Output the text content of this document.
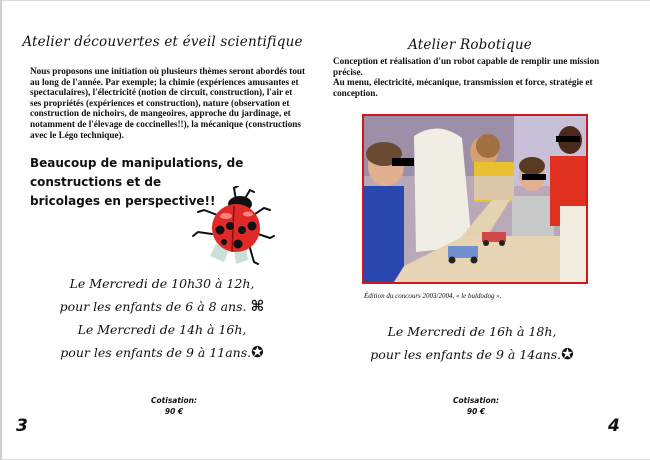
Atelier découvertes et éveil scientifique
Nous proposons une initiation où plusieurs thèmes seront abordés tout
au long de l'année. Par exemple; la chimie (expériences amusantes et
spectaculaires), l'électricité (notion de circuit, construction), l'air et
ses propriétés (expériences et construction), nature (observation et
construction de nichoirs, de mangeoires, approche du jardinage, et
notamment de l'élevage de coccinelles!!), la mécanique (constructions
avec le Légo technique).
Beaucoup de manipulations, de constructions et de
bricolages en perspective!!
Le Mercredi de 10h30 à 12h,
pour les enfants de 6 à 8 ans. ⌘
Le Mercredi de 14h à 16h,
pour les enfants de 9 à 11ans.✪
Cotisation:
90 €
3
Atelier Robotique
Conception et réalisation d'un robot capable de remplir une mission
précise.
Au menu, électricité, mécanique, transmission et force, stratégie et
conception.
Édition du concours 2003/2004, « le buldodog ».
Le Mercredi de 16h à 18h,
pour les enfants de 9 à 14ans.✪
Cotisation:
90 €
4
